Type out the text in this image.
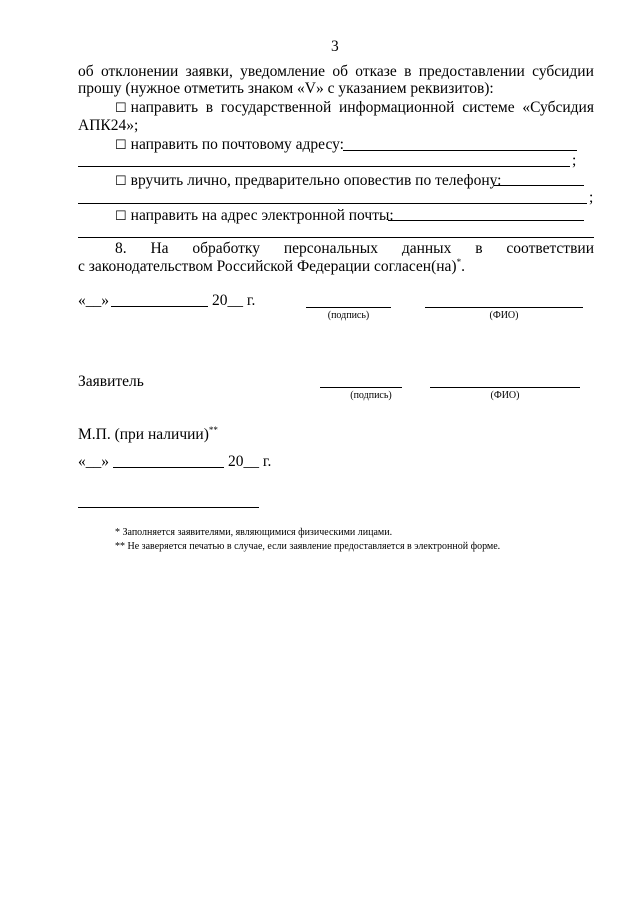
3
об отклонении заявки, уведомление об отказе в предоставлении субсидии
прошу (нужное отметить знаком «V» с указанием реквизитов):
☐ направить в государственной информационной системе «Субсидия
АПК24»;
☐ направить по почтовому адресу:
;
☐ вручить лично, предварительно оповестив по телефону:
;
☐ направить на адрес электронной почты:
8. На обработку персональных данных в соответствии
с законодательством Российской Федерации согласен(на)*.
«__»	20__ г.
(подпись)	(ФИО)
Заявитель
(подпись)	(ФИО)
М.П. (при наличии)**
«__»	20__ г.
* Заполняется заявителями, являющимися физическими лицами.
** Не заверяется печатью в случае, если заявление предоставляется в электронной форме.
